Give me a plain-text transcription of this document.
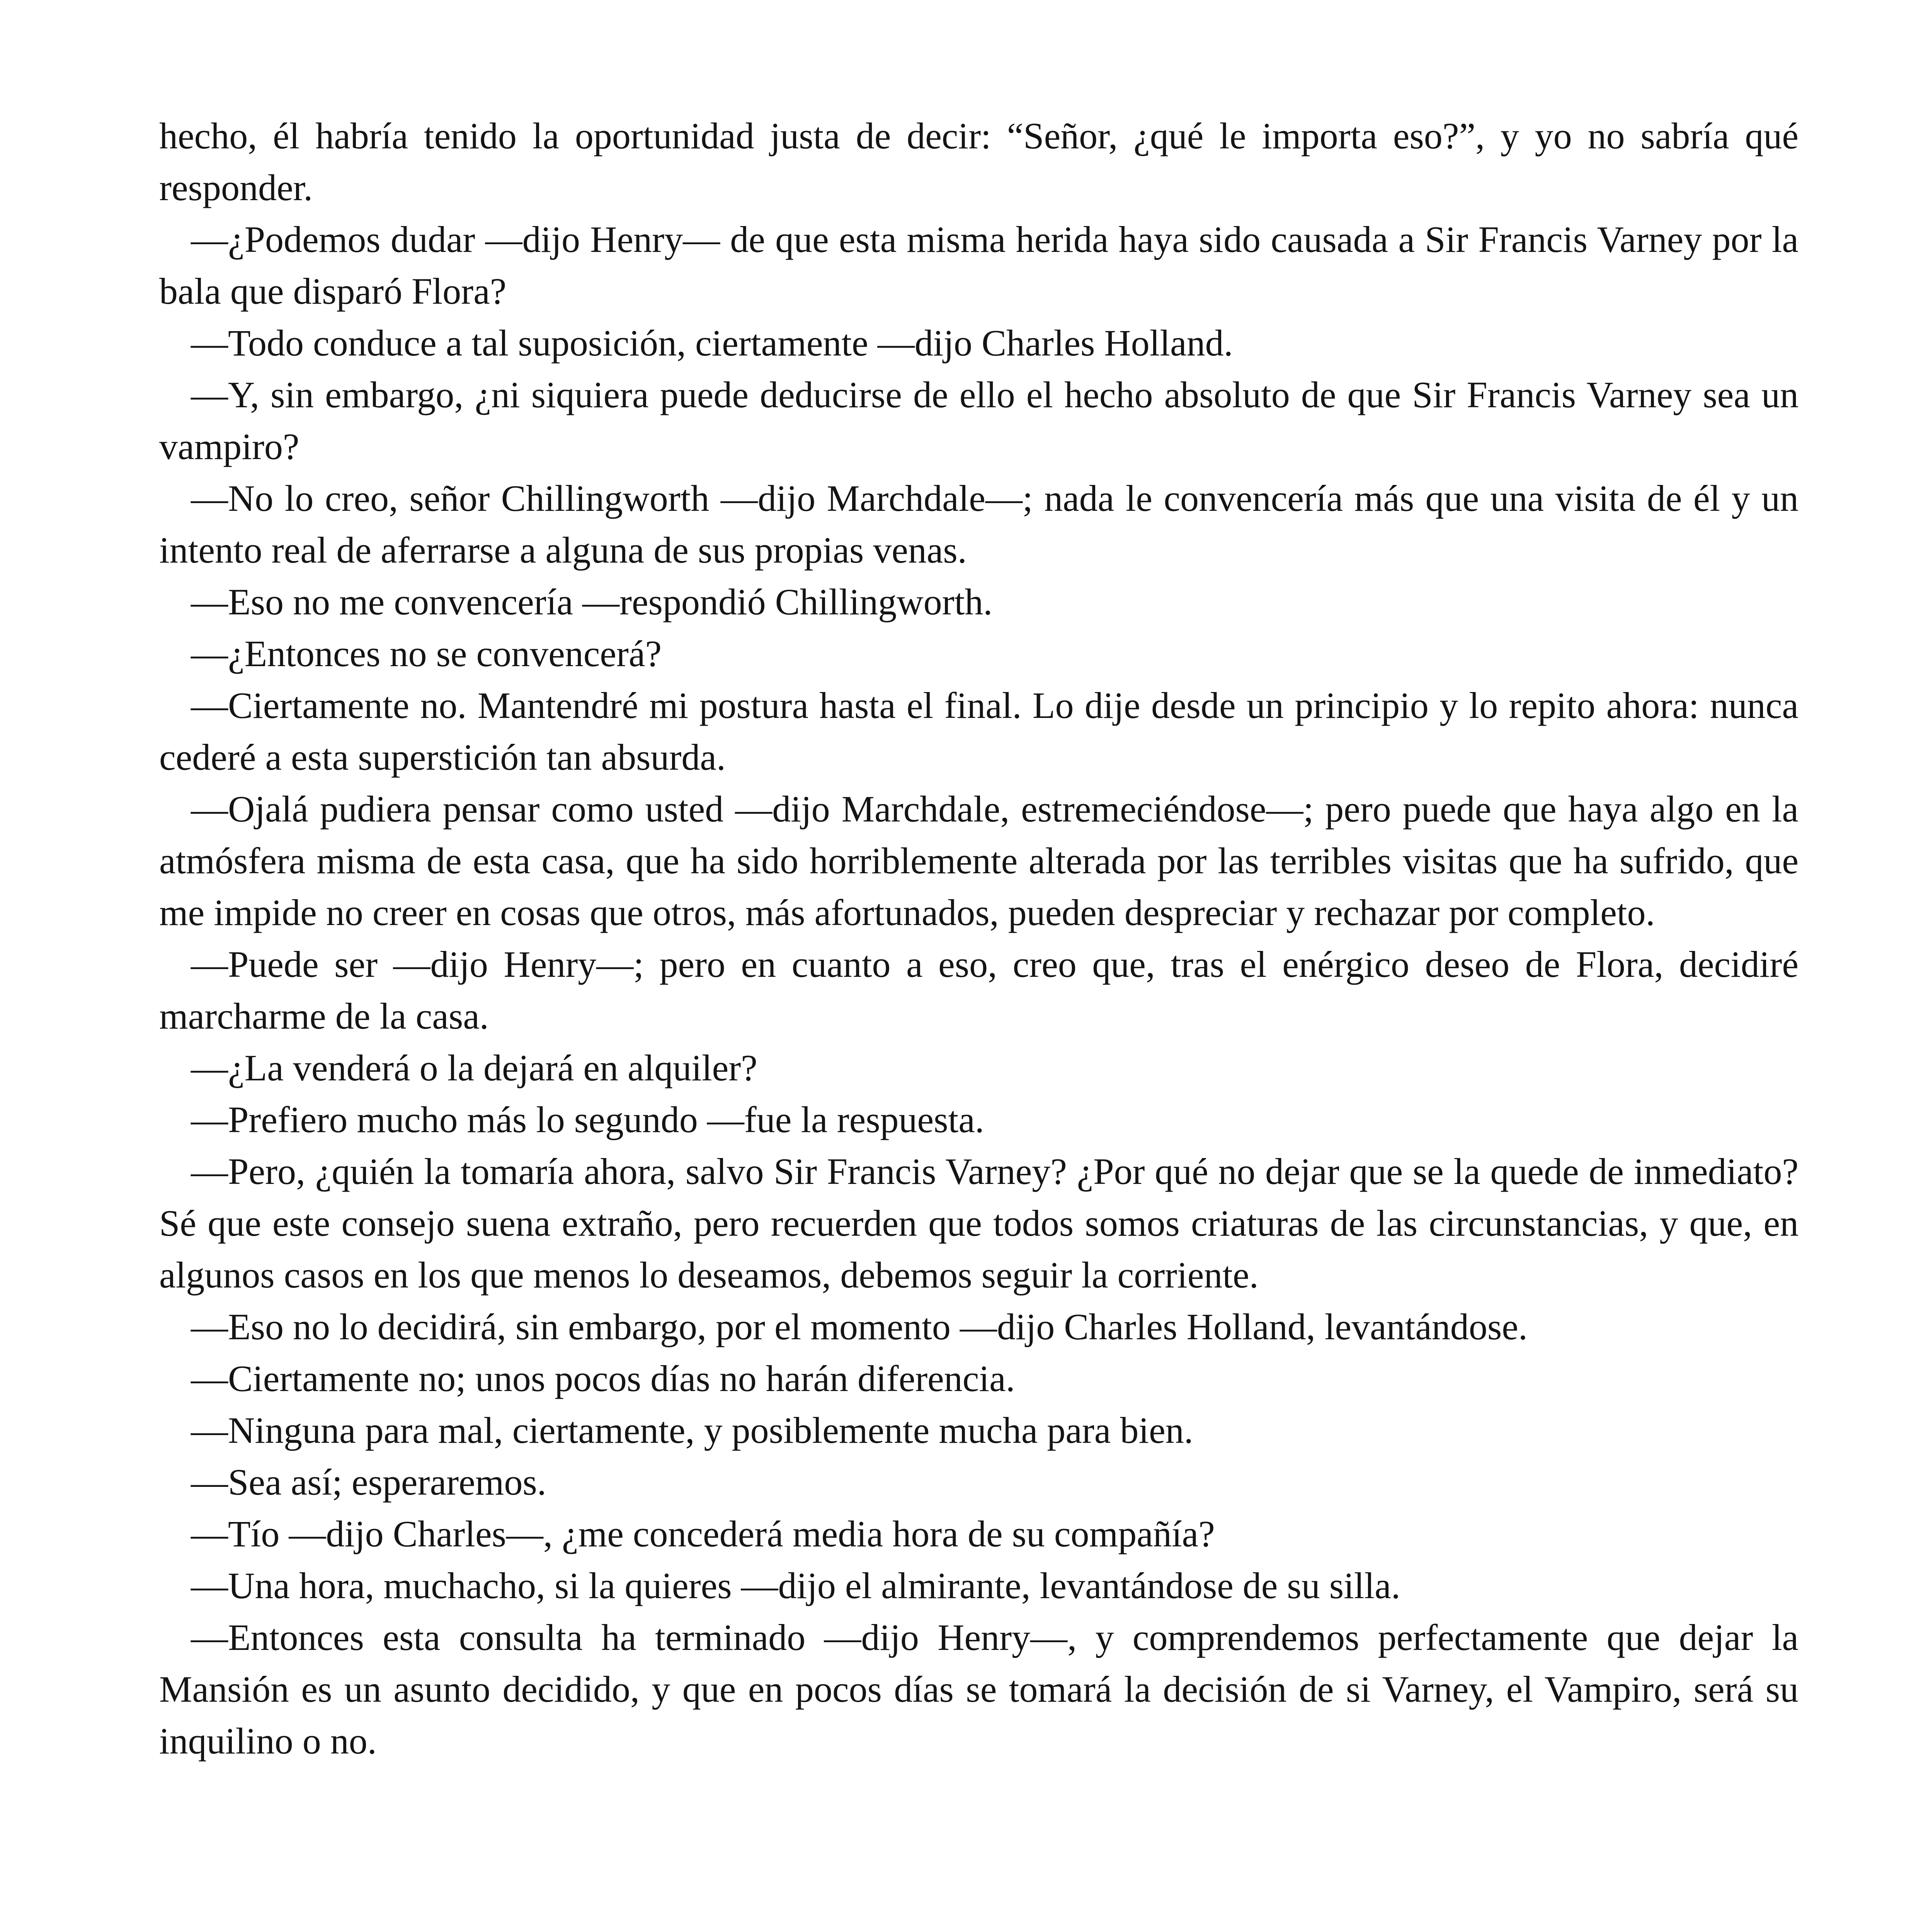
hecho, él habría tenido la oportunidad justa de decir: “Señor, ¿qué le importa eso?”, y yo no sabría qué responder.

—¿Podemos dudar —dijo Henry— de que esta misma herida haya sido causada a Sir Francis Varney por la bala que disparó Flora?

—Todo conduce a tal suposición, ciertamente —dijo Charles Holland.

—Y, sin embargo, ¿ni siquiera puede deducirse de ello el hecho absoluto de que Sir Francis Varney sea un vampiro?

—No lo creo, señor Chillingworth —dijo Marchdale—; nada le convencería más que una visita de él y un intento real de aferrarse a alguna de sus propias venas.

—Eso no me convencería —respondió Chillingworth.

—¿Entonces no se convencerá?

—Ciertamente no. Mantendré mi postura hasta el final. Lo dije desde un principio y lo repito ahora: nunca cederé a esta superstición tan absurda.

—Ojalá pudiera pensar como usted —dijo Marchdale, estremeciéndose—; pero puede que haya algo en la atmósfera misma de esta casa, que ha sido horriblemente alterada por las terribles visitas que ha sufrido, que me impide no creer en cosas que otros, más afortunados, pueden despreciar y rechazar por completo.

—Puede ser —dijo Henry—; pero en cuanto a eso, creo que, tras el enérgico deseo de Flora, decidiré marcharme de la casa.

—¿La venderá o la dejará en alquiler?

—Prefiero mucho más lo segundo —fue la respuesta.

—Pero, ¿quién la tomaría ahora, salvo Sir Francis Varney? ¿Por qué no dejar que se la quede de inmediato? Sé que este consejo suena extraño, pero recuerden que todos somos criaturas de las circunstancias, y que, en algunos casos en los que menos lo deseamos, debemos seguir la corriente.

—Eso no lo decidirá, sin embargo, por el momento —dijo Charles Holland, levantándose.

—Ciertamente no; unos pocos días no harán diferencia.

—Ninguna para mal, ciertamente, y posiblemente mucha para bien.

—Sea así; esperaremos.

—Tío —dijo Charles—, ¿me concederá media hora de su compañía?

—Una hora, muchacho, si la quieres —dijo el almirante, levantándose de su silla.

—Entonces esta consulta ha terminado —dijo Henry—, y comprendemos perfectamente que dejar la Mansión es un asunto decidido, y que en pocos días se tomará la decisión de si Varney, el Vampiro, será su inquilino o no.
